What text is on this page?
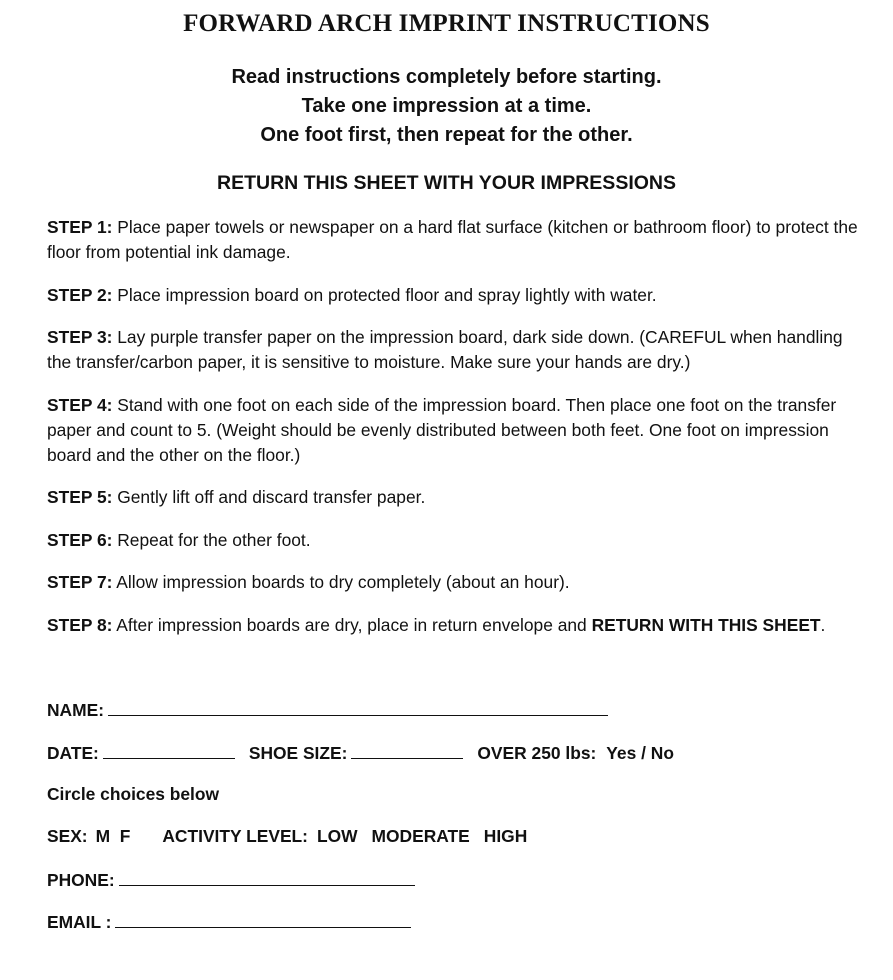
FORWARD ARCH IMPRINT INSTRUCTIONS
Read instructions completely before starting.
Take one impression at a time.
One foot first, then repeat for the other.
RETURN THIS SHEET WITH YOUR IMPRESSIONS
STEP 1: Place paper towels or newspaper on a hard flat surface (kitchen or bathroom floor) to protect the floor from potential ink damage.
STEP 2: Place impression board on protected floor and spray lightly with water.
STEP 3: Lay purple transfer paper on the impression board, dark side down. (CAREFUL when handling the transfer/carbon paper, it is sensitive to moisture. Make sure your hands are dry.)
STEP 4: Stand with one foot on each side of the impression board. Then place one foot on the transfer paper and count to 5. (Weight should be evenly distributed between both feet. One foot on impression board and the other on the floor.)
STEP 5: Gently lift off and discard transfer paper.
STEP 6: Repeat for the other foot.
STEP 7: Allow impression boards to dry completely (about an hour).
STEP 8: After impression boards are dry, place in return envelope and RETURN WITH THIS SHEET.
NAME:
DATE:	SHOE SIZE:	OVER 250 lbs: Yes / No
Circle choices below
SEX: M  F ACTIVITY LEVEL: LOW MODERATE HIGH
PHONE:
EMAIL :
